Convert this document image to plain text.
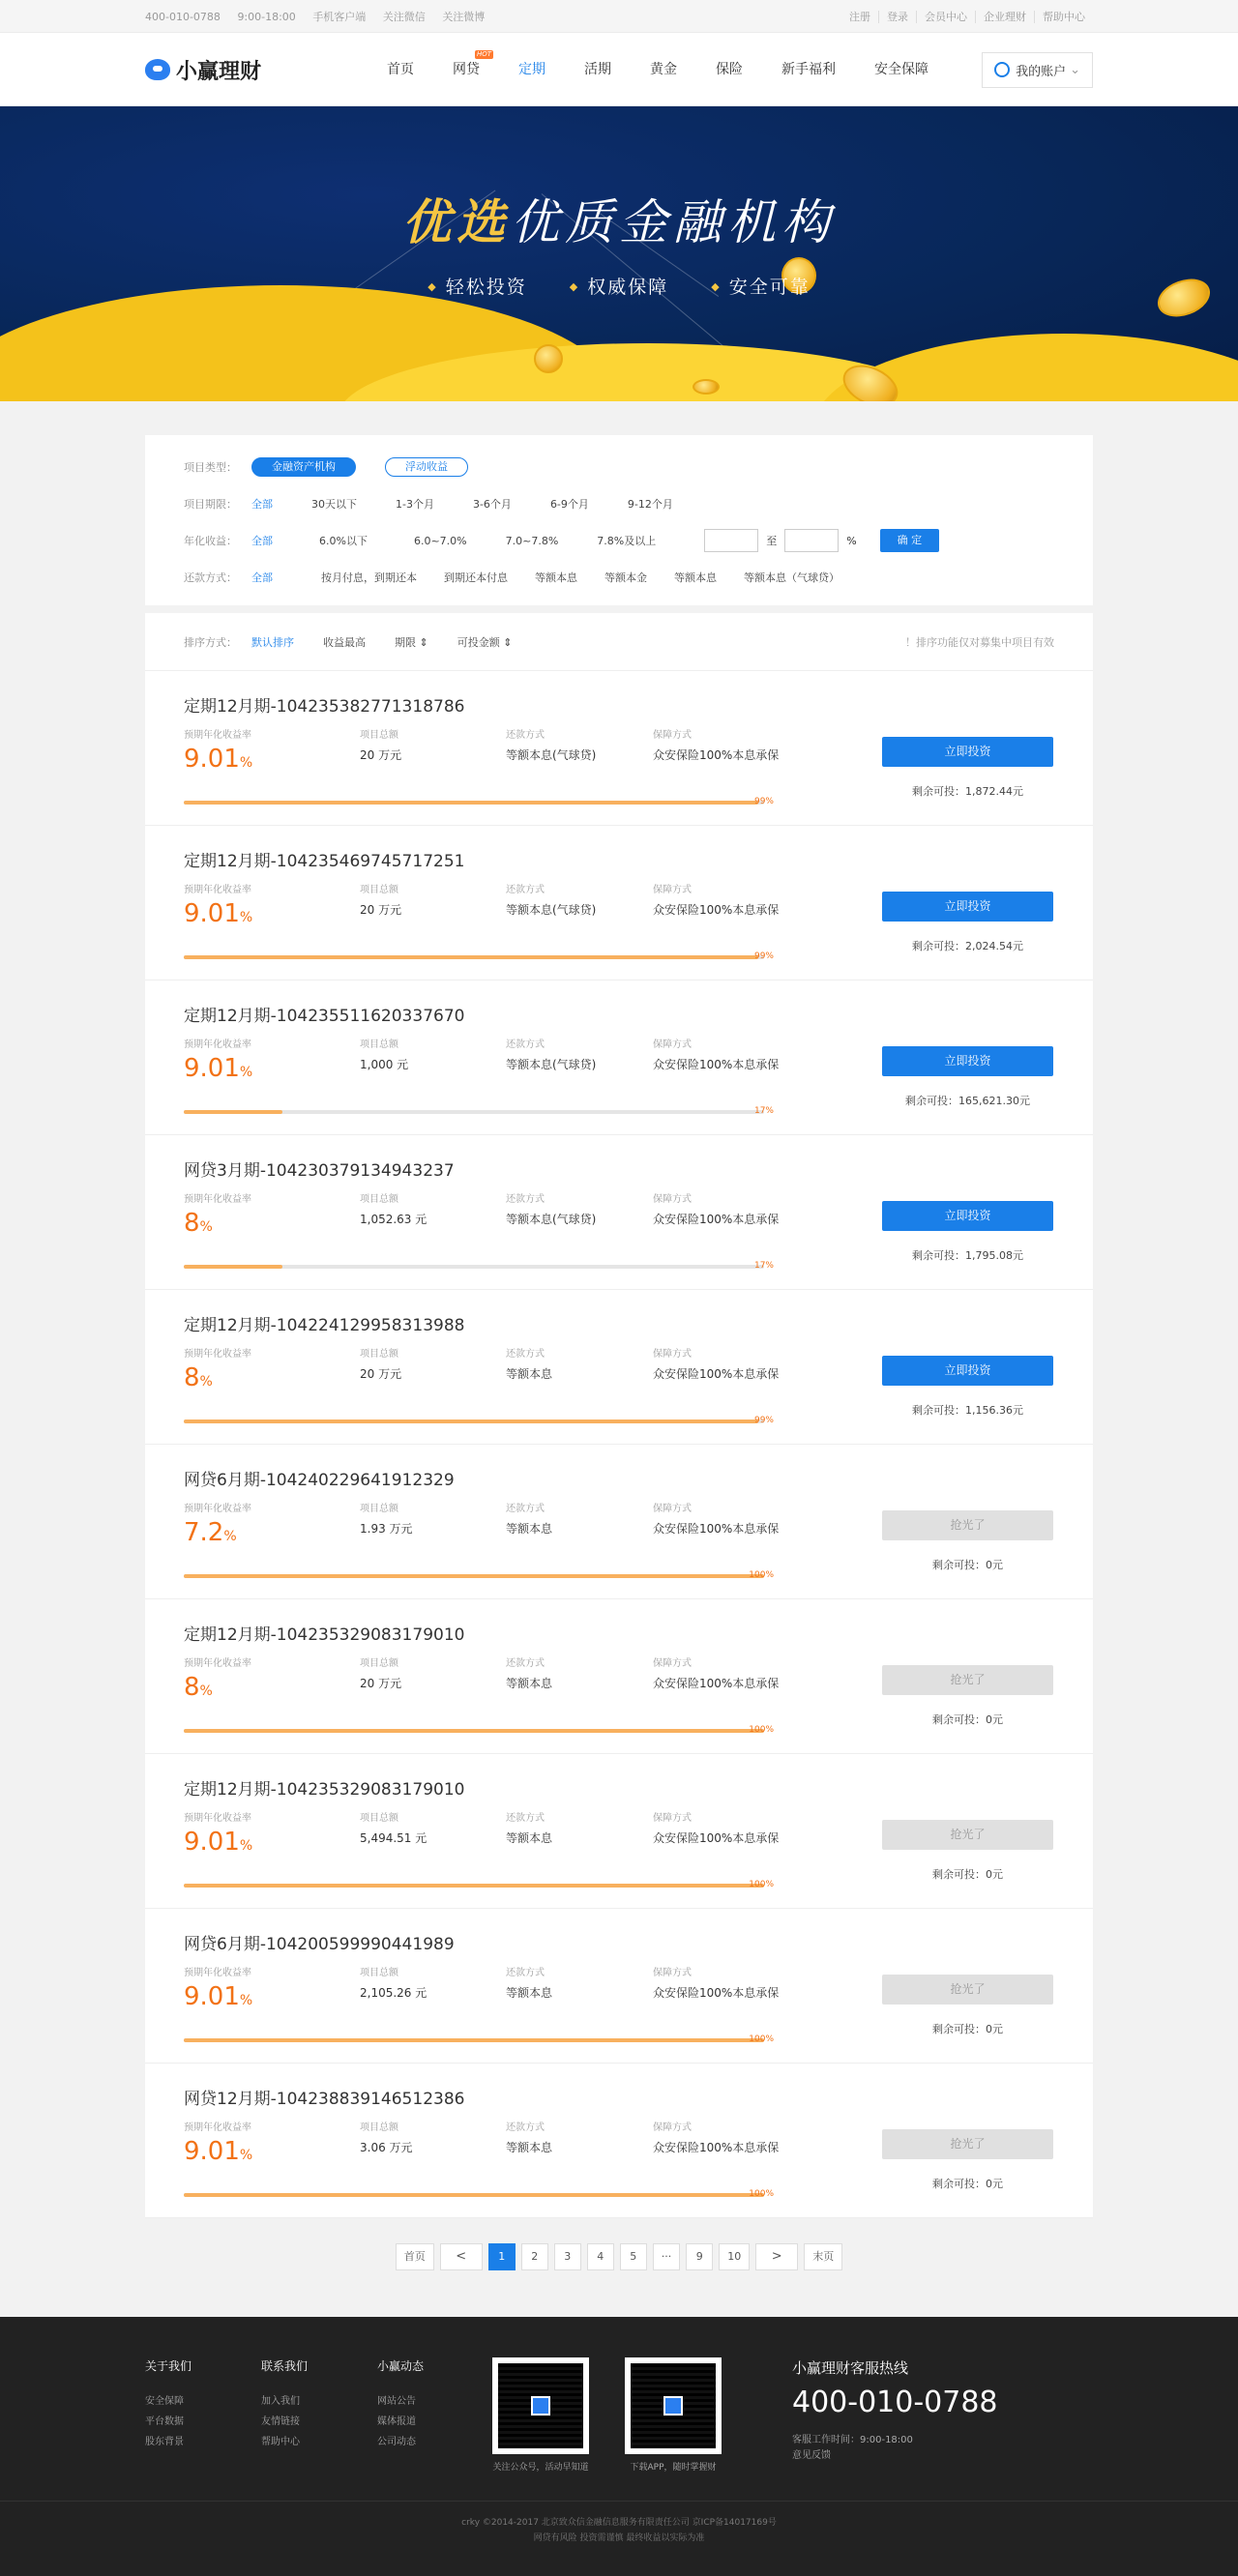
400-010-0788 9:00-18:00 手机客户端 关注微信 关注微博	注册 登录 会员中心 企业理财 帮助中心
小赢理财	首页	网贷
HOT
定期	活期	黄金	保险	新手福利	安全保障	我的账户 ⌄
优选优质金融机构
◆ 轻松投资	◆ 权威保障	◆ 安全可靠
项目类型：	金融资产机构	浮动收益
项目期限：	全部	30天以下	1-3个月	3-6个月	6-9个月	9-12个月
年化收益：	全部	6.0%以下	6.0~7.0%	7.0~7.8%	7.8%及以上	至	%	确 定
还款方式：	全部	按月付息，到期还本	到期还本付息	等额本息	等额本金	等额本息	等额本息（气球贷）
排序方式：	默认排序	收益最高	期限 ⇕	可投金额 ⇕	！排序功能仅对募集中项目有效
定期12月期-104235382771318786
预期年化收益率
9.01%
项目总额
20 万元
还款方式
等额本息(气球贷)
保障方式
众安保险100%本息承保
99%
立即投资
剩余可投：1,872.44元
定期12月期-104235469745717251
预期年化收益率
9.01%
项目总额
20 万元
还款方式
等额本息(气球贷)
保障方式
众安保险100%本息承保
99%
立即投资
剩余可投：2,024.54元
定期12月期-104235511620337670
预期年化收益率
9.01%
项目总额
1,000 元
还款方式
等额本息(气球贷)
保障方式
众安保险100%本息承保
17%
立即投资
剩余可投：165,621.30元
网贷3月期-104230379134943237
预期年化收益率
8%
项目总额
1,052.63 元
还款方式
等额本息(气球贷)
保障方式
众安保险100%本息承保
17%
立即投资
剩余可投：1,795.08元
定期12月期-104224129958313988
预期年化收益率
8%
项目总额
20 万元
还款方式
等额本息
保障方式
众安保险100%本息承保
99%
立即投资
剩余可投：1,156.36元
网贷6月期-104240229641912329
预期年化收益率
7.2%
项目总额
1.93 万元
还款方式
等额本息
保障方式
众安保险100%本息承保
100%
抢光了
剩余可投：0元
定期12月期-104235329083179010
预期年化收益率
8%
项目总额
20 万元
还款方式
等额本息
保障方式
众安保险100%本息承保
100%
抢光了
剩余可投：0元
定期12月期-104235329083179010
预期年化收益率
9.01%
项目总额
5,494.51 元
还款方式
等额本息
保障方式
众安保险100%本息承保
100%
抢光了
剩余可投：0元
网贷6月期-104200599990441989
预期年化收益率
9.01%
项目总额
2,105.26 元
还款方式
等额本息
保障方式
众安保险100%本息承保
100%
抢光了
剩余可投：0元
网贷12月期-104238839146512386
预期年化收益率
9.01%
项目总额
3.06 万元
还款方式
等额本息
保障方式
众安保险100%本息承保
100%
抢光了
剩余可投：0元
首页	<	1	2	3	4	5	···	9	10	>	末页
关于我们
安全保障
平台数据
股东背景
联系我们
加入我们
友情链接
帮助中心
小赢动态
网站公告
媒体报道
公司动态

关注公众号，活动早知道	下载APP，随时掌握财

小赢理财客服热线
400-010-0788
客服工作时间：9:00-18:00
意见反馈
crky ©2014-2017 北京致众信金融信息服务有限责任公司 京ICP备14017169号
网贷有风险 投资需谨慎 最终收益以实际为准
